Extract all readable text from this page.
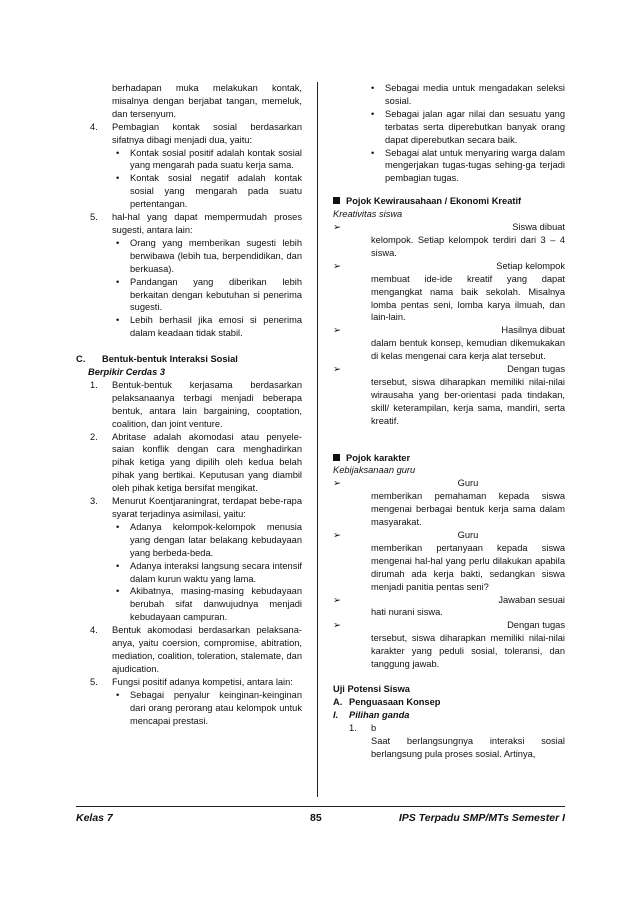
berhadapan muka melakukan kontak, misalnya dengan berjabat tangan, memeluk, dan tersenyum.

4.	Pembagian kontak sosial berdasarkan sifatnya dibagi menjadi dua, yaitu:

•	Kontak sosial positif adalah kontak sosial yang mengarah pada suatu kerja sama.
•	Kontak sosial negatif adalah kontak sosial yang mengarah pada suatu pertentangan.
5.	hal-hal yang dapat mempermudah proses sugesti, antara lain:

•	Orang yang memberikan sugesti lebih berwibawa (lebih tua, berpendidikan, dan berkuasa).
•	Pandangan yang diberikan lebih berkaitan dengan kebutuhan si penerima sugesti.
•	Lebih berhasil jika emosi si penerima dalam keadaan tidak stabil.
C.	Bentuk-bentuk Interaksi Sosial
Berpikir Cerdas 3
1.	Bentuk-bentuk kerjasama berdasarkan pelaksanaanya terbagi menjadi beberapa bentuk, antara lain bargaining, cooptation, coalition, dan joint venture.

2.	Abritase adalah akomodasi atau penyele-saian konflik dengan cara menghadirkan pihak ketiga yang dipilih oleh kedua belah pihak yang bertikai. Keputusan yang diambil oleh pihak ketiga bersifat mengikat.

3.	Menurut Koentjaraningrat, terdapat bebe-rapa syarat terjadinya asimilasi, yaitu:

•	Adanya kelompok-kelompok menusia yang dengan latar belakang kebudayaan yang berbeda-beda.
•	Adanya interaksi langsung secara intensif dalam kurun waktu yang lama.
•	Akibatnya, masing-masing kebudayaan berubah sifat danwujudnya menjadi kebudayaan campuran.
4.	Bentuk akomodasi berdasarkan pelaksana-anya, yaitu coersion, compromise, abitration, mediation, coalition, toleration, stalemate, dan ajudication.

5.	Fungsi positif adanya kompetisi, antara lain:

•	Sebagai penyalur keinginan-keinginan dari orang perorang atau kelompok untuk mencapai prestasi.
•	Sebagai media untuk mengadakan seleksi sosial.
•	Sebagai jalan agar nilai dan sesuatu yang terbatas serta diperebutkan banyak orang dapat diperebutkan secara baik.
•	Sebagai alat untuk menyaring warga dalam mengerjakan tugas-tugas sehing-ga terjadi pembagian tugas.
Pojok Kewirausahaan / Ekonomi Kreatif
Kreativitas siswa
➢	Siswa dibuat
kelompok. Setiap kelompok terdiri dari 3 – 4 siswa.
➢	Setiap kelompok
membuat ide-ide kreatif yang dapat mengangkat nama baik sekolah. Misalnya lomba pentas seni, lomba karya ilmuah, dan lain-lain.
➢	Hasilnya dibuat
dalam bentuk konsep, kemudian dikemukakan di kelas mengenai cara kerja alat tersebut.
➢	Dengan tugas
tersebut, siswa diharapkan memiliki nilai-nilai wirausaha yang ber-orientasi pada tindakan, skill/ keterampilan, kerja sama, mandiri, serta kreatif.
Pojok karakter
Kebijaksanaan guru
➢	Guru
memberikan pemahaman kepada siswa mengenai berbagai bentuk kerja sama dalam masyarakat.
➢	Guru
memberikan pertanyaan kepada siswa mengenai hal-hal yang perlu dilakukan apabila dirumah ada kerja bakti, sedangkan siswa menjadi panitia pentas seni?
➢	Jawaban sesuai
hati nurani siswa.
➢	Dengan tugas
tersebut, siswa diharapkan memiliki nilai-nilai karakter yang peduli sosial, toleransi, dan tanggung jawab.
Uji Potensi Siswa
A. Penguasaan Konsep
I.	Pilihan ganda
1.	b
Saat berlangsungnya interaksi sosial berlangsung pula proses sosial. Artinya,
Kelas 7	85	IPS Terpadu SMP/MTs Semester I
